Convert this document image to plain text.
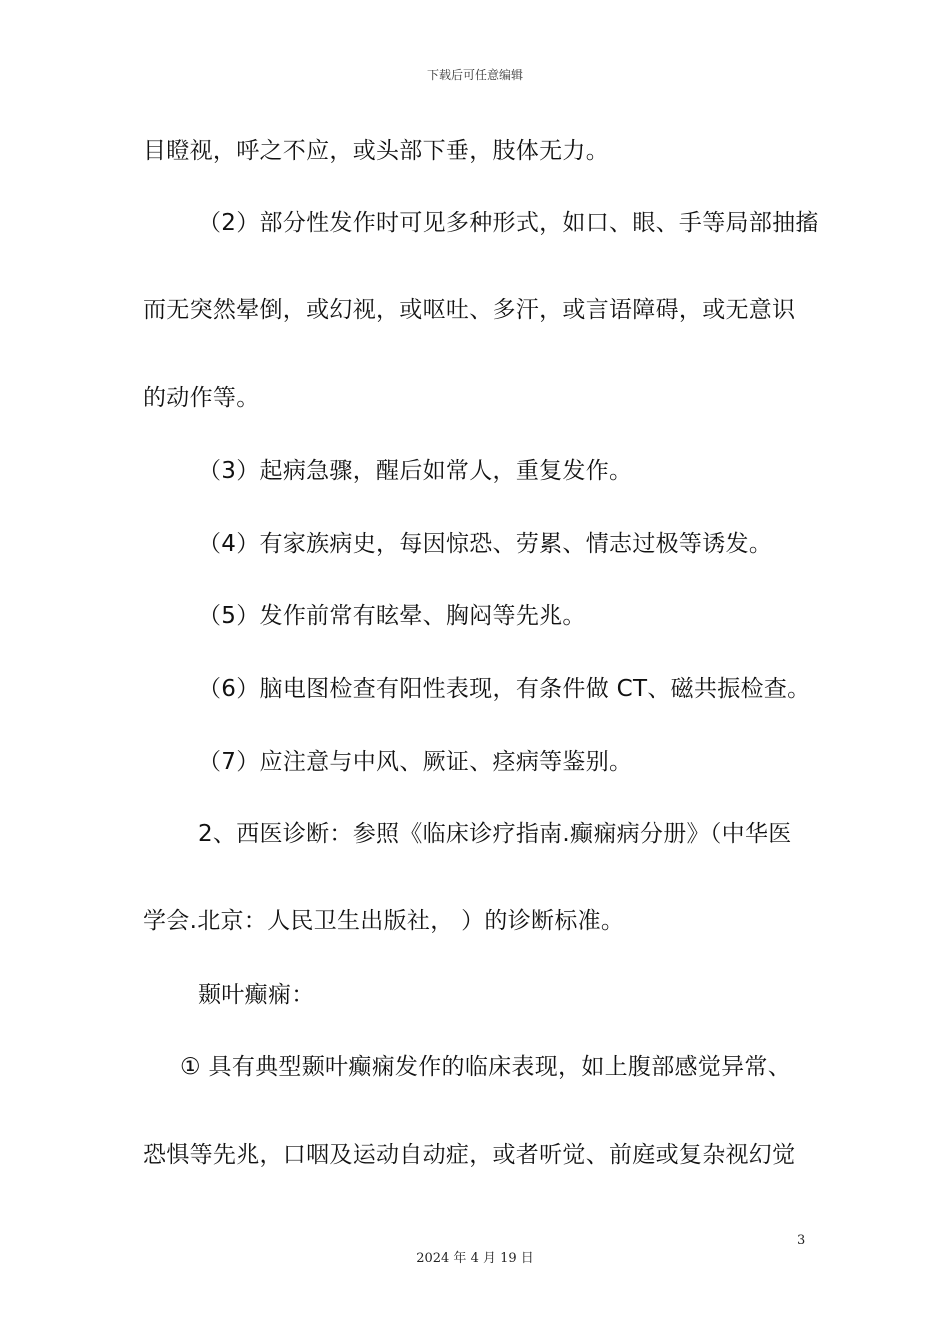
下载后可任意编辑
目瞪视，呼之不应，或头部下垂，肢体无力。
（2）部分性发作时可见多种形式，如口、眼、手等局部抽搐
而无突然晕倒，或幻视，或呕吐、多汗，或言语障碍，或无意识
的动作等。
（3）起病急骤，醒后如常人，重复发作。
（4）有家族病史，每因惊恐、劳累、情志过极等诱发。
（5）发作前常有眩晕、胸闷等先兆。
（6）脑电图检查有阳性表现，有条件做 CT、磁共振检查。
（7）应注意与中风、厥证、痉病等鉴别。
2、西医诊断：参照《临床诊疗指南.癫痫病分册》（中华医
学会.北京：人民卫生出版社， ）的诊断标准。
颞叶癫痫：
① 具有典型颞叶癫痫发作的临床表现，如上腹部感觉异常、
恐惧等先兆，口咽及运动自动症，或者听觉、前庭或复杂视幻觉
3
2024 年 4 月 19 日
